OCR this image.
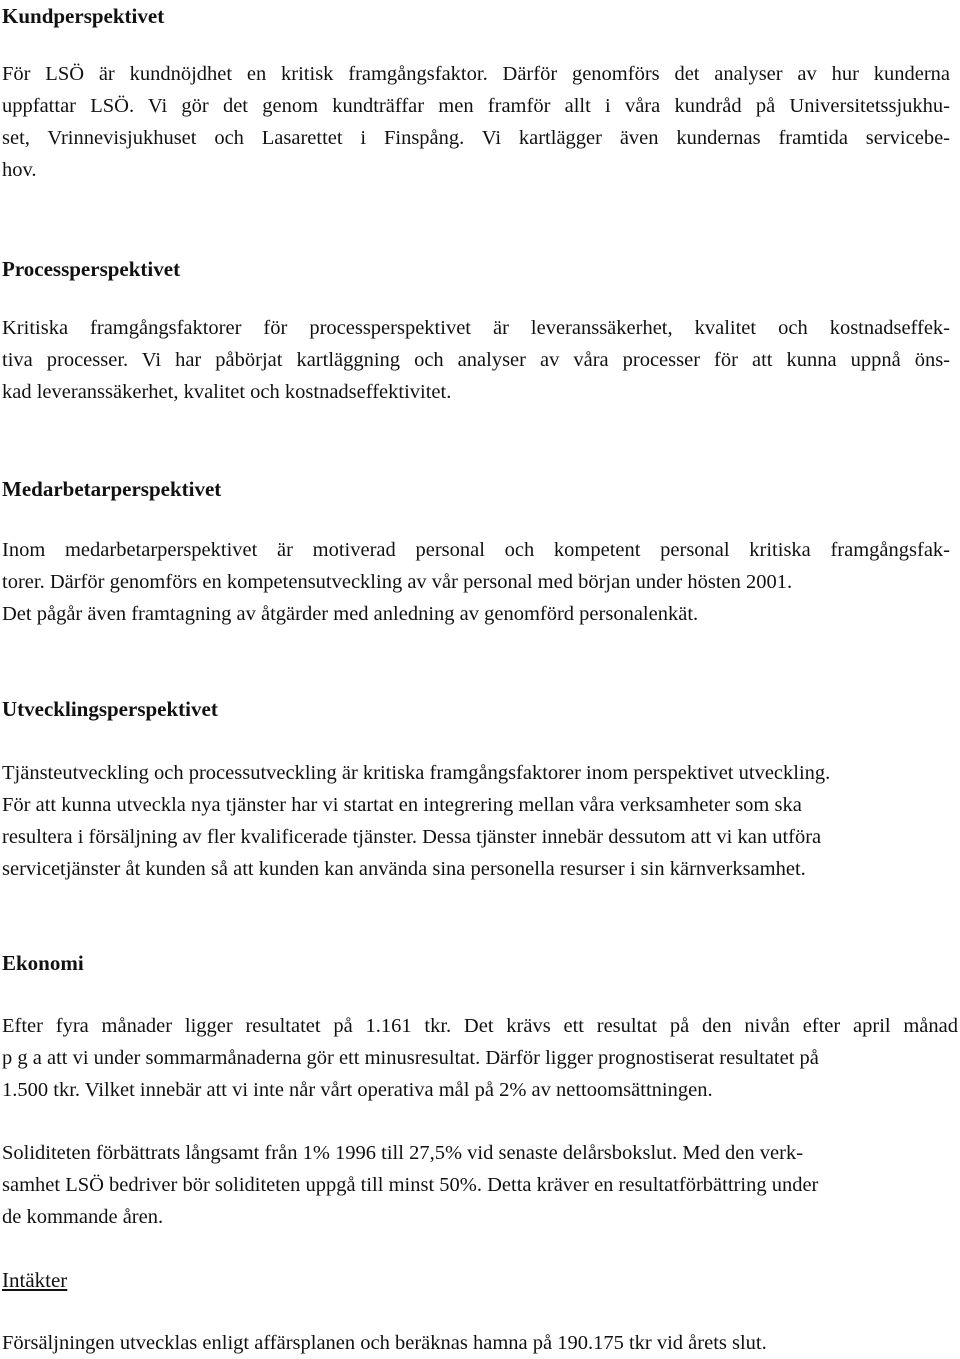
Kundperspektivet

För LSÖ är kundnöjdhet en kritisk framgångsfaktor. Därför genomförs det analyser av hur kunderna
uppfattar LSÖ. Vi gör det genom kundträffar men framför allt i våra kundråd på Universitetssjukhu-
set, Vrinnevisjukhuset och Lasarettet i Finspång. Vi kartlägger även kundernas framtida servicebe-
hov.

Processperspektivet

Kritiska framgångsfaktorer för processperspektivet är leveranssäkerhet, kvalitet och kostnadseffek-
tiva processer. Vi har påbörjat kartläggning och analyser av våra processer för att kunna uppnå öns-
kad leveranssäkerhet, kvalitet och kostnadseffektivitet.

Medarbetarperspektivet

Inom medarbetarperspektivet är motiverad personal och kompetent personal kritiska framgångsfak-
torer. Därför genomförs en kompetensutveckling av vår personal med början under hösten 2001.
Det pågår även framtagning av åtgärder med anledning av genomförd personalenkät.

Utvecklingsperspektivet

Tjänsteutveckling och processutveckling är kritiska framgångsfaktorer inom perspektivet utveckling.
För att kunna utveckla nya tjänster har vi startat en integrering mellan våra verksamheter som ska
resultera i försäljning av fler kvalificerade tjänster. Dessa tjänster innebär dessutom att vi kan utföra
servicetjänster åt kunden så att kunden kan använda sina personella resurser i sin kärnverksamhet.

Ekonomi

Efter fyra månader ligger resultatet på 1.161 tkr. Det krävs ett resultat på den nivån efter april månad
p g a att vi under sommarmånaderna gör ett minusresultat. Därför ligger prognostiserat resultatet på
1.500 tkr. Vilket innebär att vi inte når vårt operativa mål på 2% av nettoomsättningen.

Soliditeten förbättrats långsamt från 1% 1996 till 27,5% vid senaste delårsbokslut. Med den verk-
samhet LSÖ bedriver bör soliditeten uppgå till minst 50%. Detta kräver en resultatförbättring under
de kommande åren.

Intäkter

Försäljningen utvecklas enligt affärsplanen och beräknas hamna på 190.175 tkr vid årets slut.
